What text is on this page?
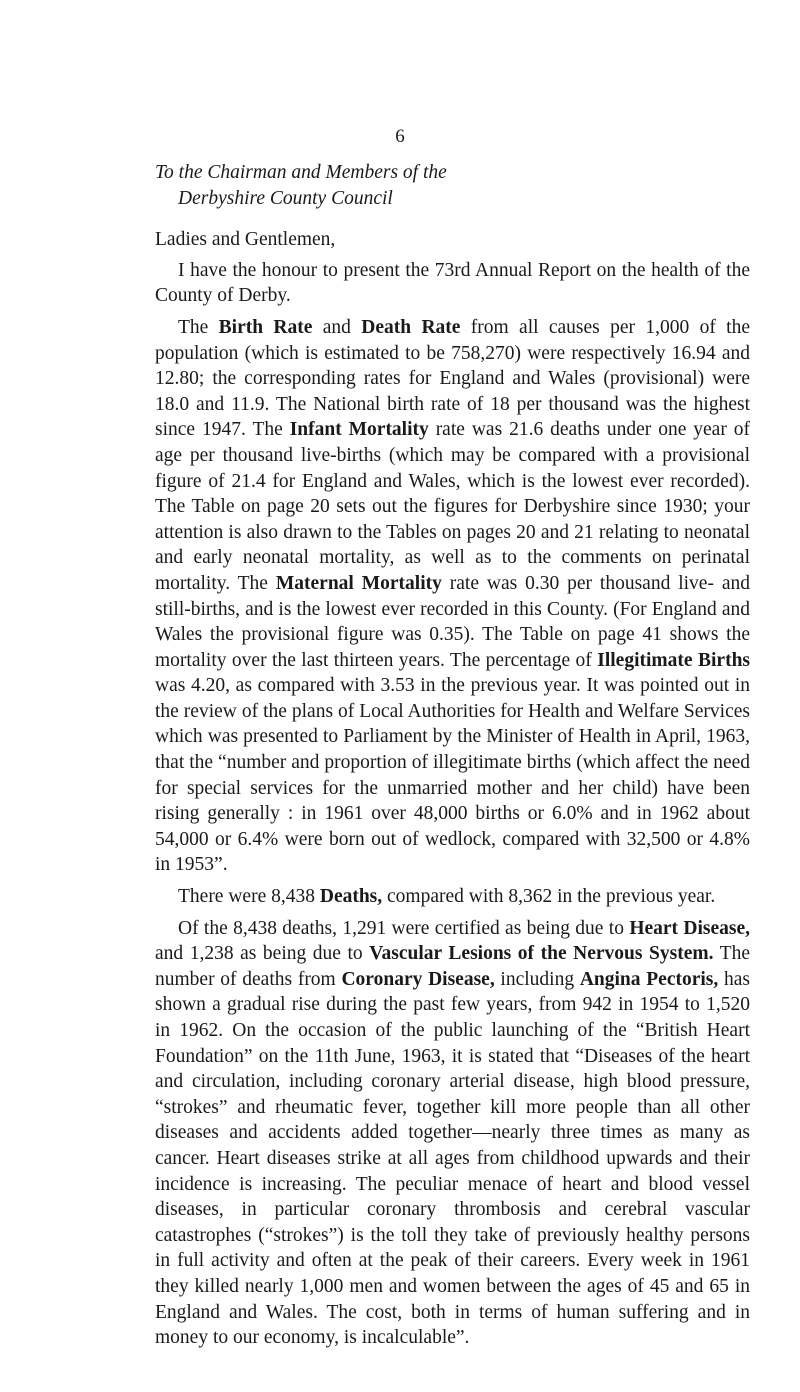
6
To the Chairman and Members of the
Derbyshire County Council
Ladies and Gentlemen,

I have the honour to present the 73rd Annual Report on the health of the County of Derby.

The Birth Rate and Death Rate from all causes per 1,000 of the population (which is estimated to be 758,270) were respectively 16.94 and 12.80; the corresponding rates for England and Wales (provisional) were 18.0 and 11.9. The National birth rate of 18 per thousand was the highest since 1947. The Infant Mortality rate was 21.6 deaths under one year of age per thousand live-births (which may be compared with a provisional figure of 21.4 for England and Wales, which is the lowest ever recorded). The Table on page 20 sets out the figures for Derbyshire since 1930; your attention is also drawn to the Tables on pages 20 and 21 relating to neonatal and early neonatal mortality, as well as to the comments on perinatal mortality. The Maternal Mortality rate was 0.30 per thousand live- and still-births, and is the lowest ever recorded in this County. (For England and Wales the provisional figure was 0.35). The Table on page 41 shows the mortality over the last thirteen years. The percentage of Illegitimate Births was 4.20, as compared with 3.53 in the previous year. It was pointed out in the review of the plans of Local Authorities for Health and Welfare Services which was presented to Parliament by the Minister of Health in April, 1963, that the “number and proportion of illegitimate births (which affect the need for special services for the unmarried mother and her child) have been rising generally : in 1961 over 48,000 births or 6.0% and in 1962 about 54,000 or 6.4% were born out of wedlock, compared with 32,500 or 4.8% in 1953”.

There were 8,438 Deaths, compared with 8,362 in the previous year.

Of the 8,438 deaths, 1,291 were certified as being due to Heart Disease, and 1,238 as being due to Vascular Lesions of the Nervous System. The number of deaths from Coronary Disease, including Angina Pectoris, has shown a gradual rise during the past few years, from 942 in 1954 to 1,520 in 1962. On the occasion of the public launching of the “British Heart Foundation” on the 11th June, 1963, it is stated that “Diseases of the heart and circulation, including coronary arterial disease, high blood pressure, “strokes” and rheumatic fever, together kill more people than all other diseases and accidents added together—nearly three times as many as cancer. Heart diseases strike at all ages from childhood upwards and their incidence is increasing. The peculiar menace of heart and blood vessel diseases, in particular coronary thrombosis and cerebral vascular catastrophes (“strokes”) is the toll they take of previously healthy persons in full activity and often at the peak of their careers. Every week in 1961 they killed nearly 1,000 men and women between the ages of 45 and 65 in England and Wales. The cost, both in terms of human suffering and in money to our economy, is incalculable”.
